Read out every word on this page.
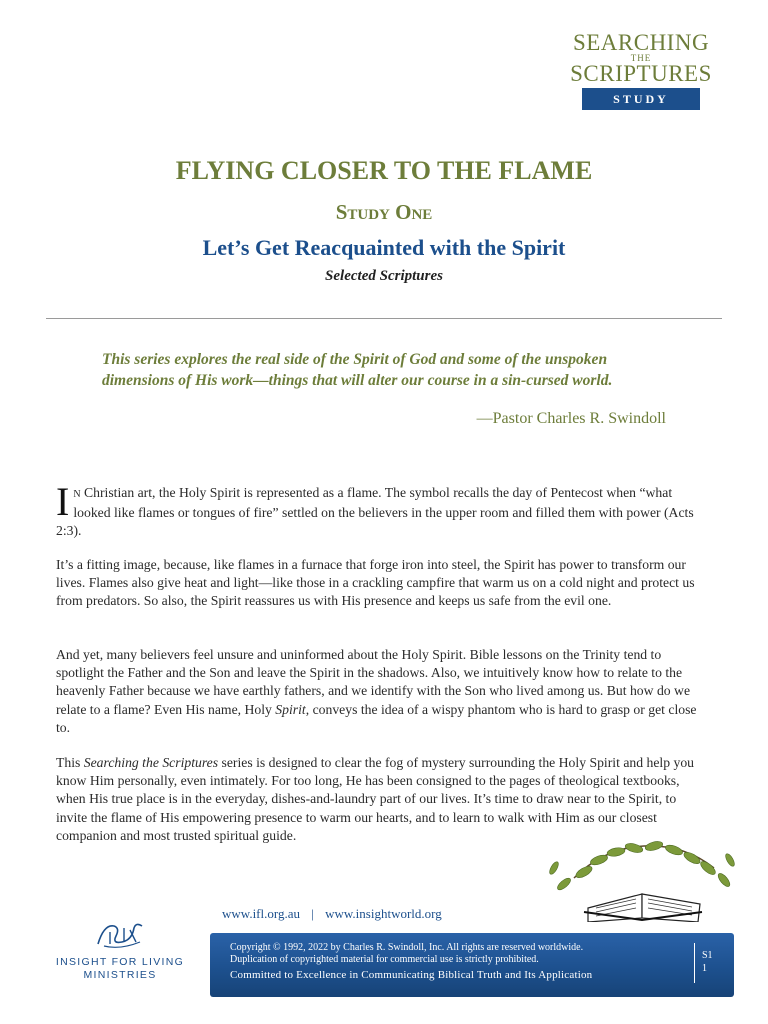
SEARCHING
THE
SCRIPTURES
STUDY
FLYING CLOSER TO THE FLAME
Study One
Let’s Get Reacquainted with the Spirit
Selected Scriptures
This series explores the real side of the Spirit of God and some of the unspoken dimensions of His work—things that will alter our course in a sin-cursed world.
—Pastor Charles R. Swindoll
I N Christian art, the Holy Spirit is represented as a flame. The symbol recalls the day of Pentecost when “what looked like flames or tongues of fire” settled on the believers in the upper room and filled them with power (Acts 2:3).
It’s a fitting image, because, like flames in a furnace that forge iron into steel, the Spirit has power to transform our lives. Flames also give heat and light—like those in a crackling campfire that warm us on a cold night and protect us from predators. So also, the Spirit reassures us with His presence and keeps us safe from the evil one.
And yet, many believers feel unsure and uninformed about the Holy Spirit. Bible lessons on the Trinity tend to spotlight the Father and the Son and leave the Spirit in the shadows. Also, we intuitively know how to relate to the heavenly Father because we have earthly fathers, and we identify with the Son who lived among us. But how do we relate to a flame? Even His name, Holy Spirit, conveys the idea of a wispy phantom who is hard to grasp or get close to.
This Searching the Scriptures series is designed to clear the fog of mystery surrounding the Holy Spirit and help you know Him personally, even intimately. For too long, He has been consigned to the pages of theological textbooks, when His true place is in the everyday, dishes-and-laundry part of our lives. It’s time to draw near to the Spirit, to invite the flame of His empowering presence to warm our hearts, and to learn to walk with Him as our closest companion and most trusted spiritual guide.
www.ifl.org.au | www.insightworld.org
INSIGHT FOR LIVING
MINISTRIES
Copyright © 1992, 2022 by Charles R. Swindoll, Inc. All rights are reserved worldwide.
Duplication of copyrighted material for commercial use is strictly prohibited.
Committed to Excellence in Communicating Biblical Truth and Its Application
S1
1
